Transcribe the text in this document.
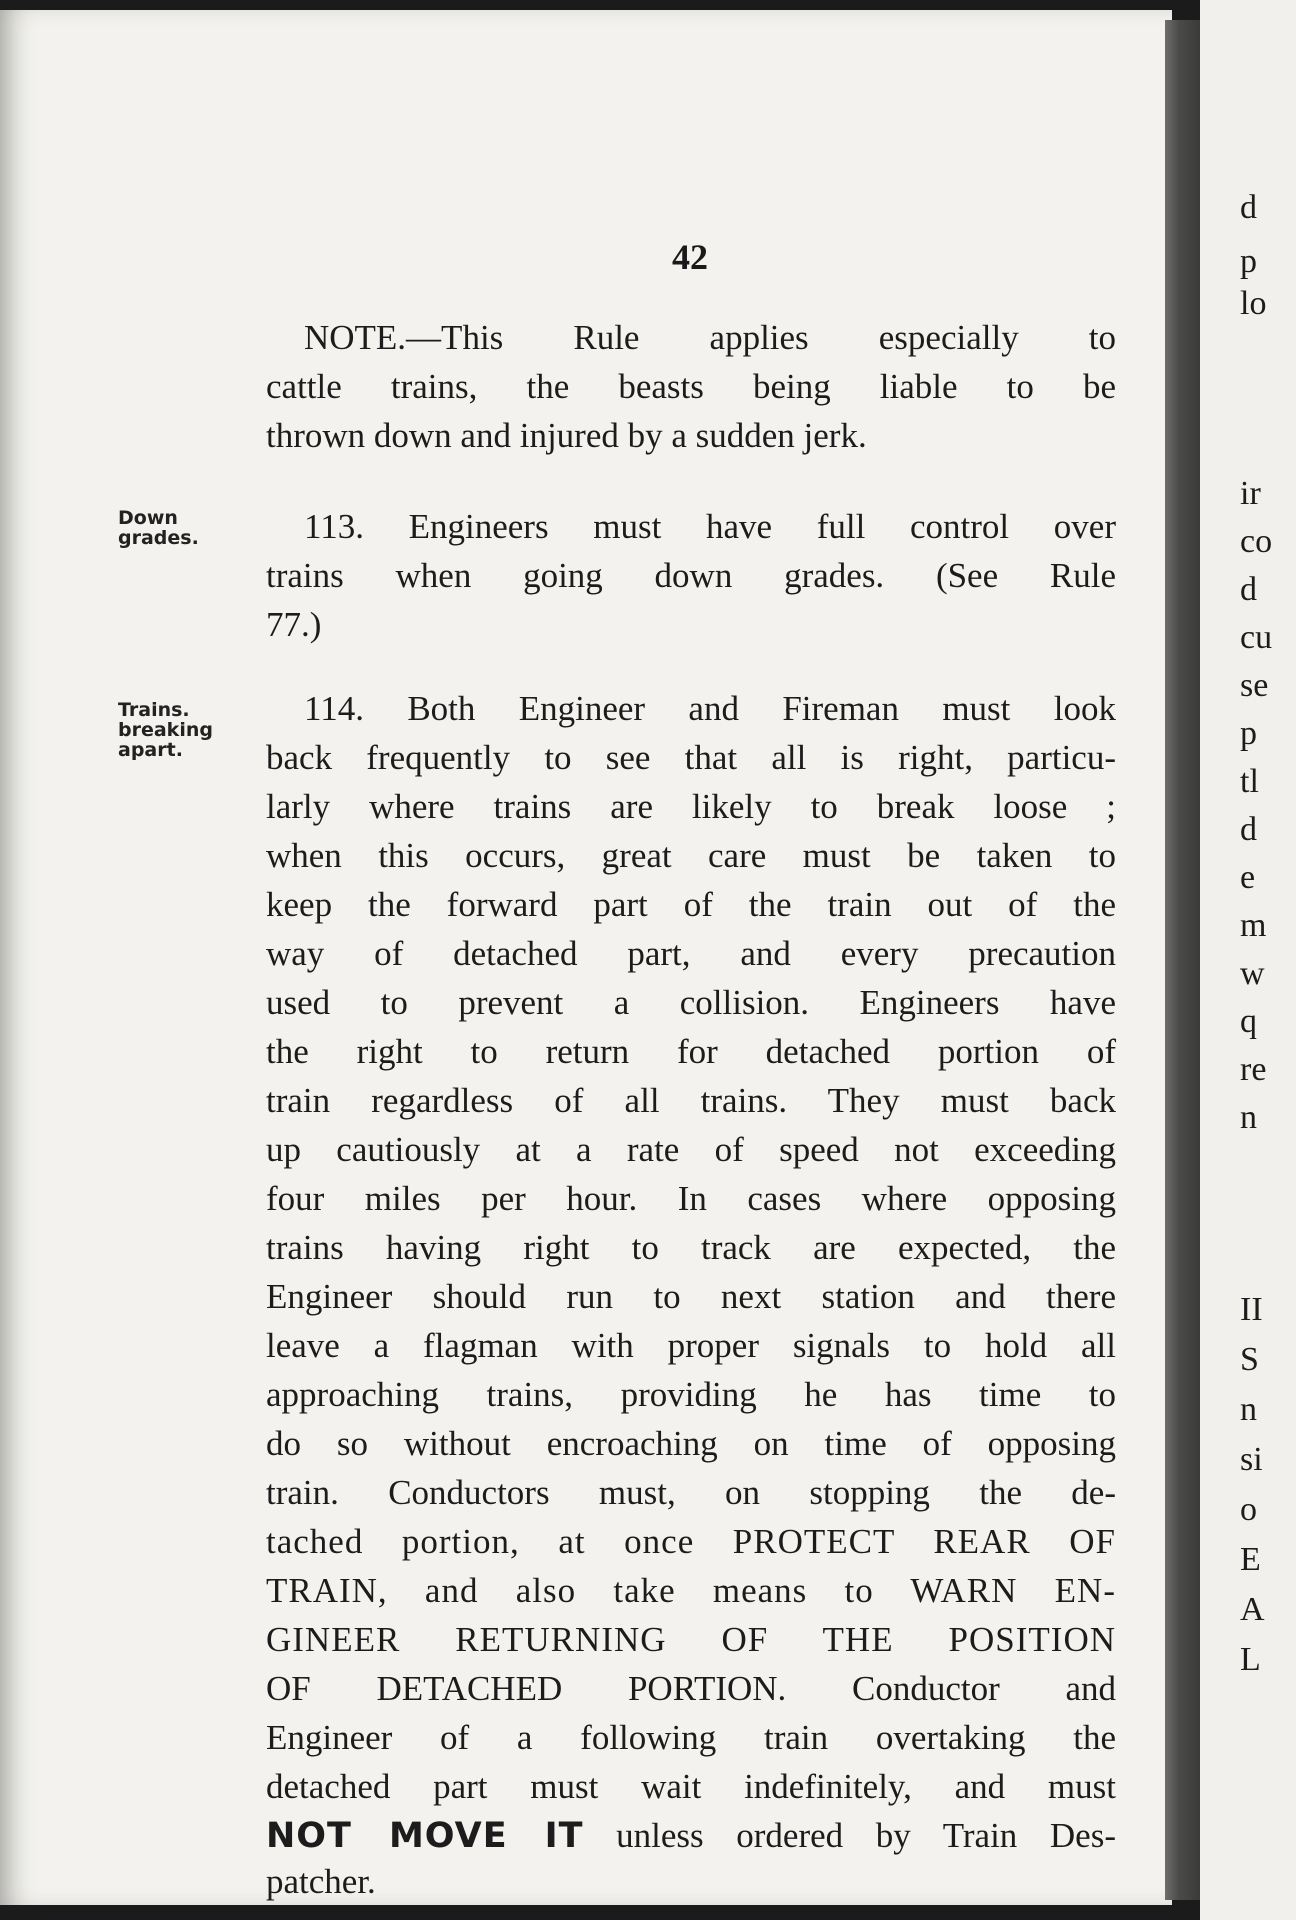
42
Down
grades.
Trains.
breaking
apart.
NOTE.—This Rule applies especially to
cattle trains, the beasts being liable to be
thrown down and injured by a sudden jerk.
113. Engineers must have full control over
trains when going down grades. (See Rule
77.)
114. Both Engineer and Fireman must look
back frequently to see that all is right, particu-
larly where trains are likely to break loose ;
when this occurs, great care must be taken to
keep the forward part of the train out of the
way of detached part, and every precaution
used to prevent a collision. Engineers have
the right to return for detached portion of
train regardless of all trains. They must back
up cautiously at a rate of speed not exceeding
four miles per hour. In cases where opposing
trains having right to track are expected, the
Engineer should run to next station and there
leave a flagman with proper signals to hold all
approaching trains, providing he has time to
do so without encroaching on time of opposing
train. Conductors must, on stopping the de-
tached portion, at once PROTECT REAR OF
TRAIN, and also take means to WARN EN-
GINEER RETURNING OF THE POSITION
OF DETACHED PORTION. Conductor and
Engineer of a following train overtaking the
detached part must wait indefinitely, and must
NOT MOVE IT unless ordered by Train Des-
patcher.
d
p
lo
ir
co
d
cu
se
p
tl
d
e
m
w
q
re
n
II
S
n
si
o
E
A
L
